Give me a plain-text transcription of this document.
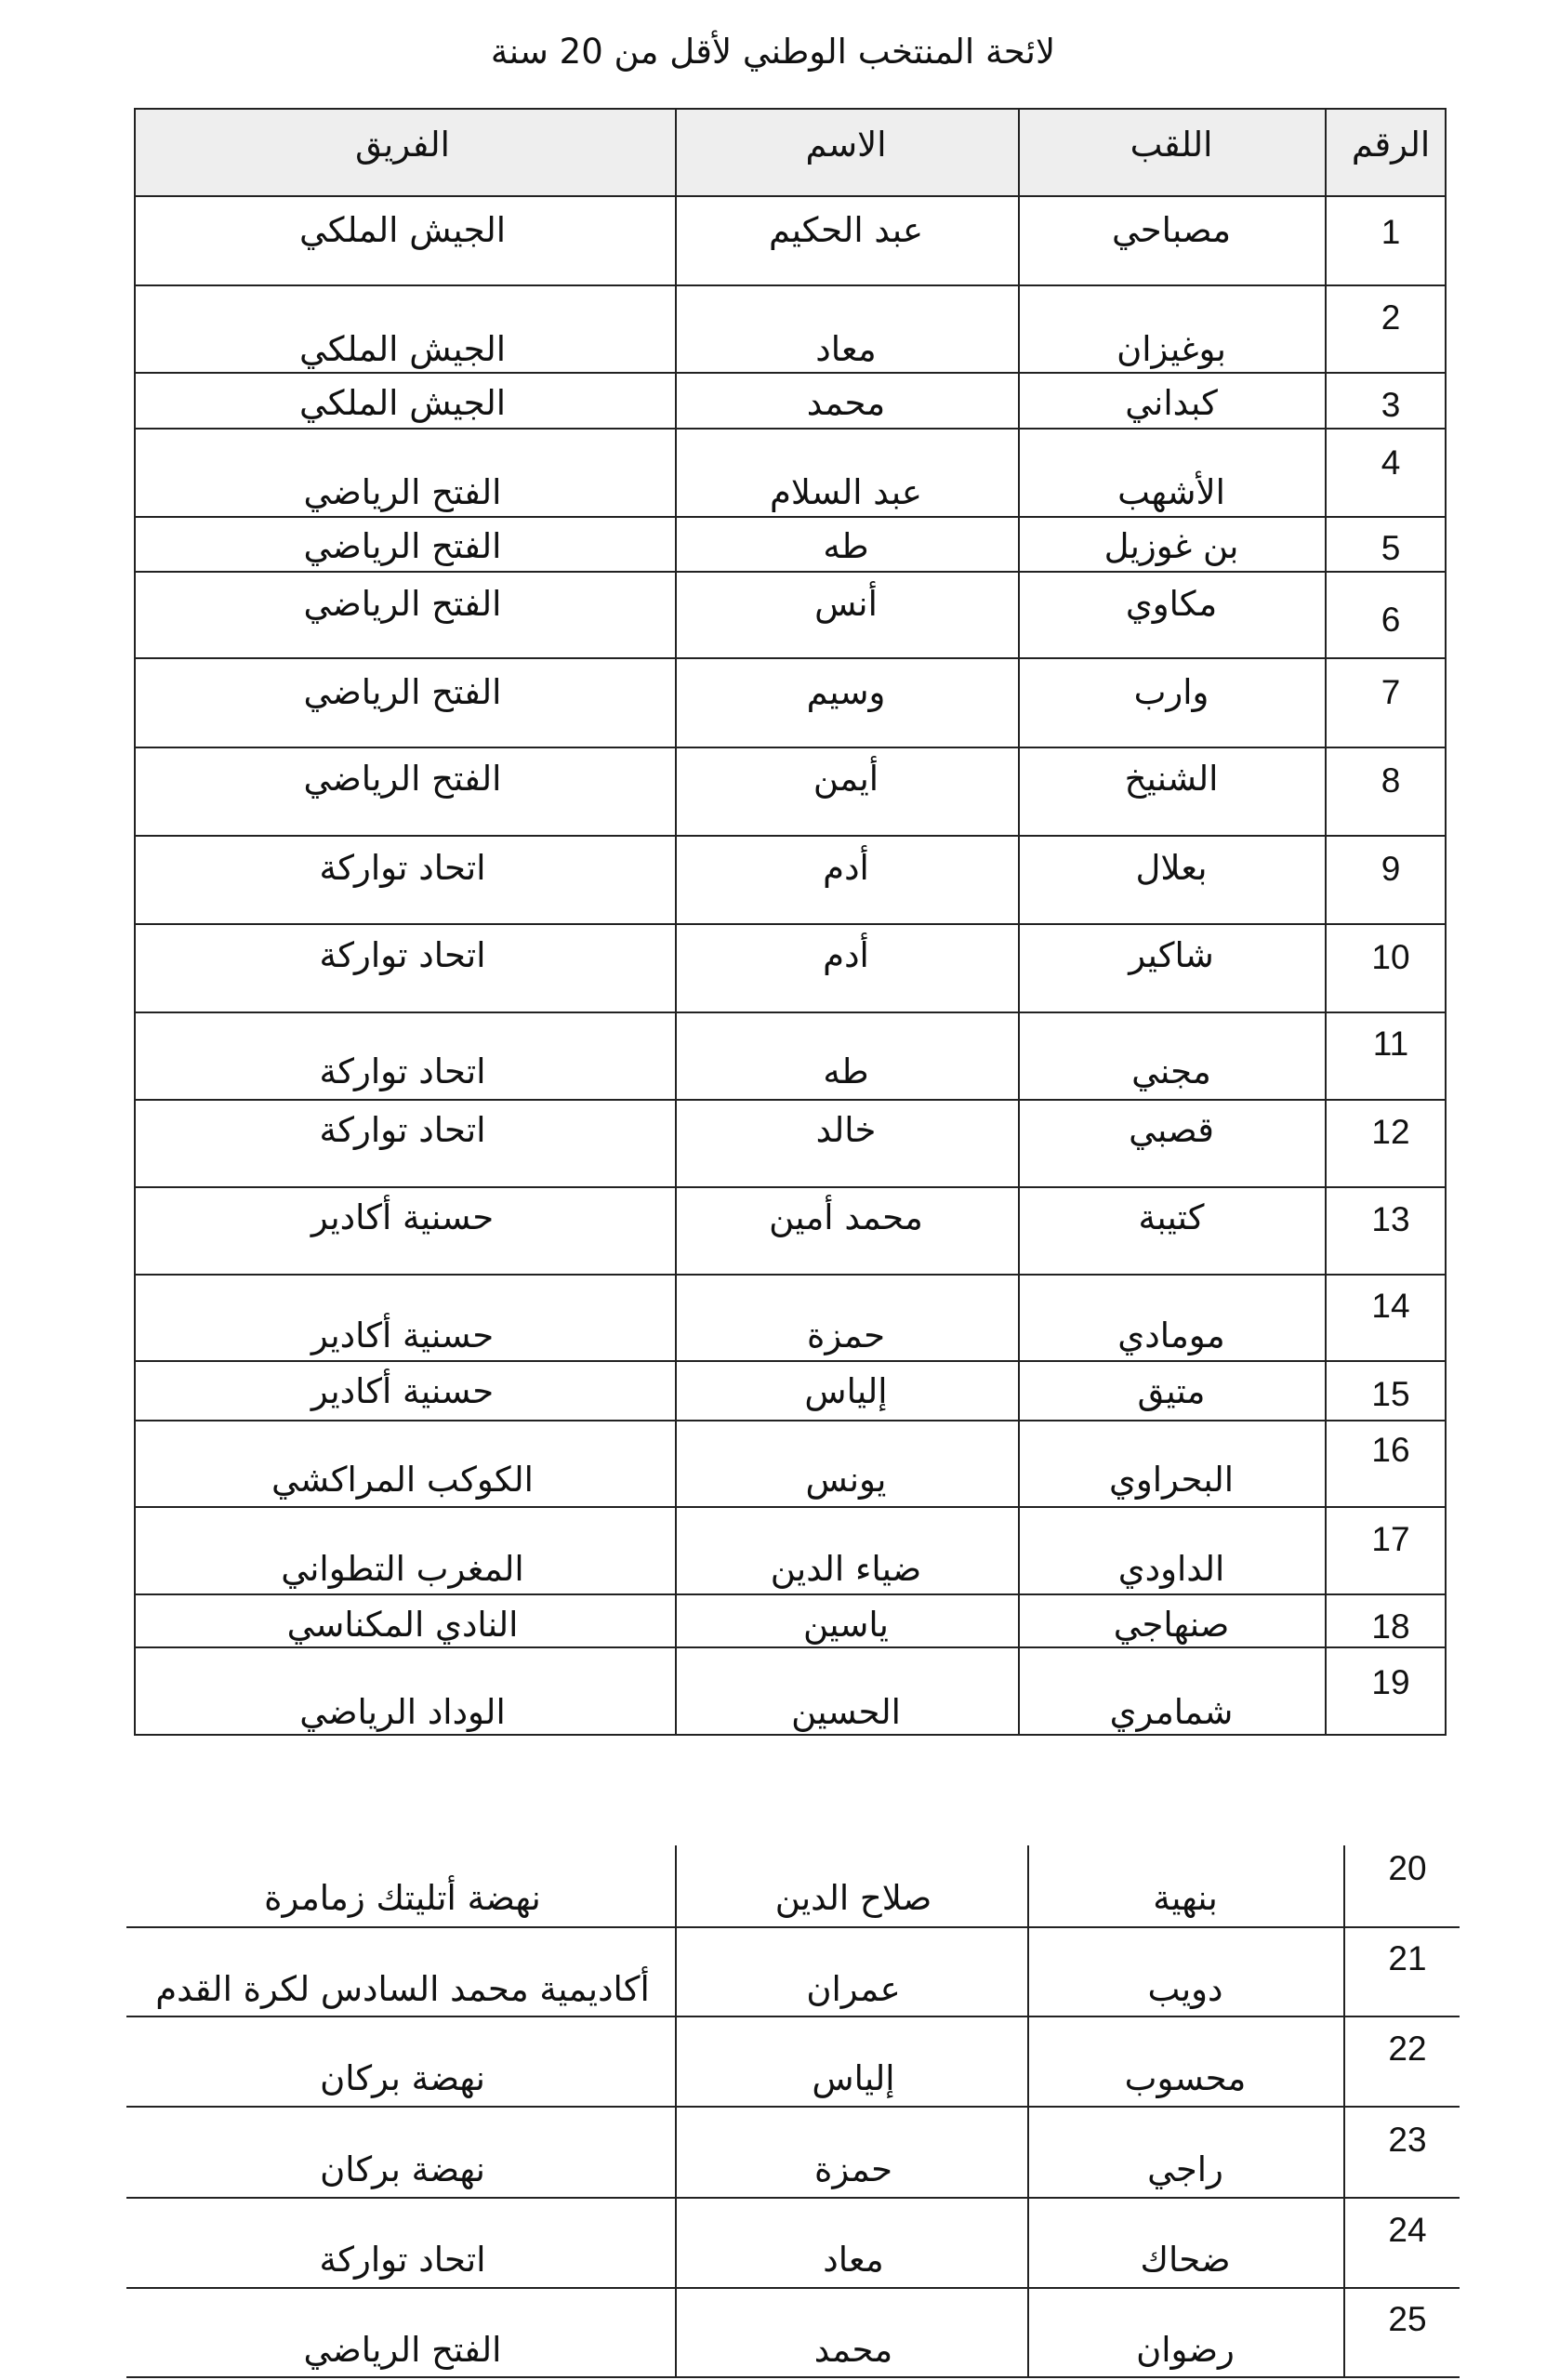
لائحة المنتخب الوطني لأقل من 20 سنة
الرقم
اللقب
الاسم
الفريق
1
مصباحي
عبد الحكيم
الجيش الملكي
2
بوغيزان
معاد
الجيش الملكي
3
كبداني
محمد
الجيش الملكي
4
الأشهب
عبد السلام
الفتح الرياضي
5
بن غوزيل
طه
الفتح الرياضي
6
مكاوي
أنس
الفتح الرياضي
7
وارب
وسيم
الفتح الرياضي
8
الشنيخ
أيمن
الفتح الرياضي
9
بعلال
أدم
اتحاد تواركة
10
شاكير
أدم
اتحاد تواركة
11
مجني
طه
اتحاد تواركة
12
قصبي
خالد
اتحاد تواركة
13
كتيبة
محمد أمين
حسنية أكادير
14
مومادي
حمزة
حسنية أكادير
15
متيق
إلياس
حسنية أكادير
16
البحراوي
يونس
الكوكب المراكشي
17
الداودي
ضياء الدين
المغرب التطواني
18
صنهاجي
ياسين
النادي المكناسي
19
شمامري
الحسين
الوداد الرياضي
20
بنهية
صلاح الدين
نهضة أتليتك زمامرة
21
دويب
عمران
أكاديمية محمد السادس لكرة القدم
22
محسوب
إلياس
نهضة بركان
23
راجي
حمزة
نهضة بركان
24
ضحاك
معاد
اتحاد تواركة
25
رضوان
محمد
الفتح الرياضي
